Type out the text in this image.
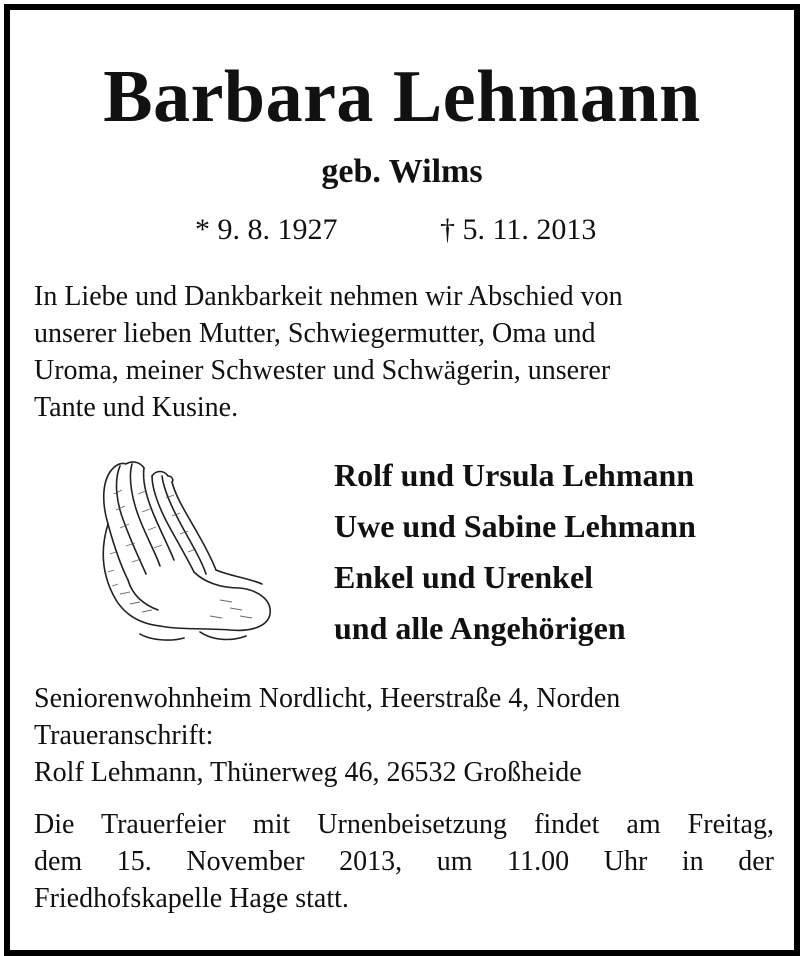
Barbara Lehmann
geb. Wilms
* 9. 8. 1927	† 5. 11. 2013
In Liebe und Dankbarkeit nehmen wir Abschied von
unserer lieben Mutter, Schwiegermutter, Oma und
Uroma, meiner Schwester und Schwägerin, unserer
Tante und Kusine.
Rolf und Ursula Lehmann
Uwe und Sabine Lehmann
Enkel und Urenkel
und alle Angehörigen
Seniorenwohnheim Nordlicht, Heerstraße 4, Norden
Traueranschrift:
Rolf Lehmann, Thünerweg 46, 26532 Großheide
Die Trauerfeier mit Urnenbeisetzung findet am Freitag,
dem 15. November 2013, um 11.00 Uhr in der
Friedhofskapelle Hage statt.
